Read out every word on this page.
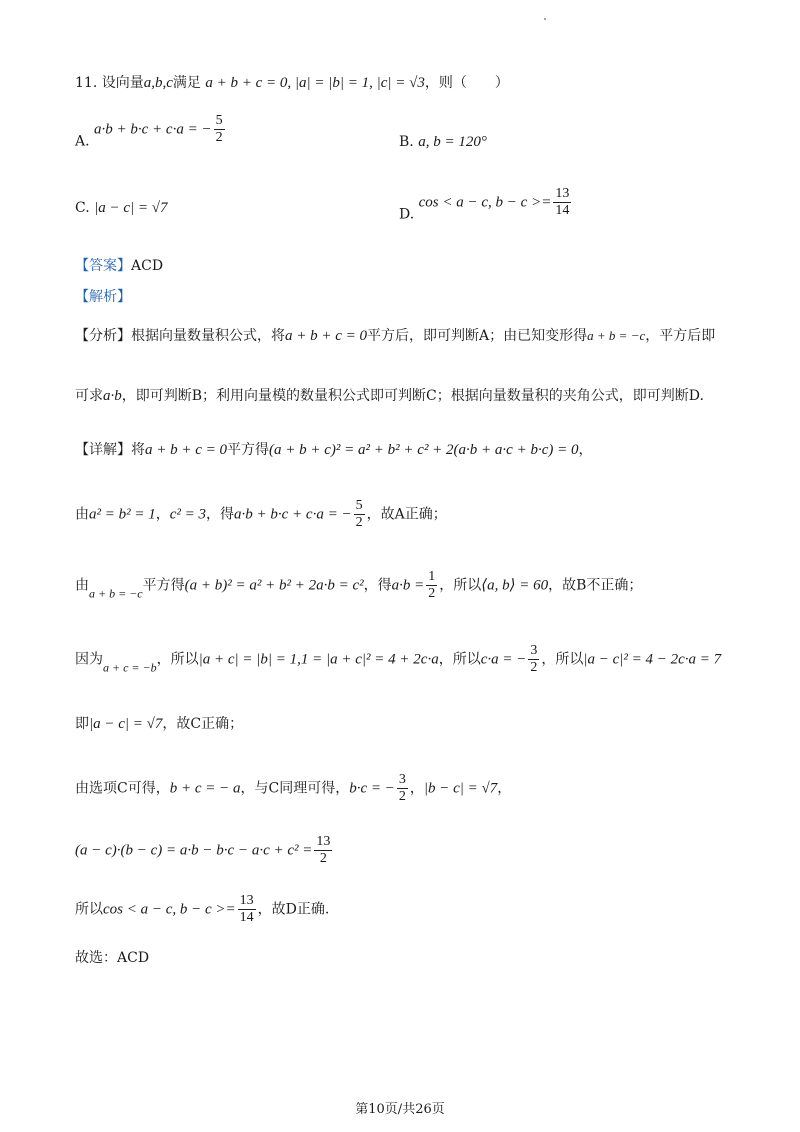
11. 设向量a,b,c满足 a + b + c = 0, |a| = |b| = 1, |c| = √3，则（　　）
A. a·b + b·c + c·a = − $\frac{5}{2}$	B. a, b = 120°
C. |a − c| = √7	D. cos < a − c, $b - c >= \frac{13}{14}$
【答案】ACD
【解析】
【分析】根据向量数量积公式，将a + b + c = 0平方后，即可判断A；由已知变形得a + b = −c，平方后即
可求a·b，即可判断B；利用向量模的数量积公式即可判断C；根据向量数量积的夹角公式，即可判断D.
【详解】将a + b + c = 0平方得(a + b + c)² = a² + b² + c² + 2(a·b + a·c + b·c) = 0，
由a² = b² = 1，c² = 3，得a·b + b·c + c·a = − $\frac{5}{2}$ ，故A正确；
由a + b = −c平方得(a + b)² = a² + b² + 2a·b = c²，得$a\cdot b = \frac{1}{2}$ ，所以⟨a, b⟩ = 60，故B不正确；
因为a + c = −b，所以|a + c| = |b| = 1,1 = |a + c|² = 4 + 2c·a，所以c·a = − $\frac{3}{2}$ ，所以|a − c|² = 4 − 2c·a = 7
即|a − c| = √7，故C正确；
由选项C可得，b + c = − a，与C同理可得，b·c = − $\frac{3}{2}$ ，|b − c| = √7，
$(a - c)\cdot(b - c) = a\cdot b - b\cdot c - a\cdot c + c^2 = \frac{13}{2}$
所以cos < a − c, $b - c >= \frac{13}{14}$ ，故D正确.
故选：ACD
第10页/共26页
